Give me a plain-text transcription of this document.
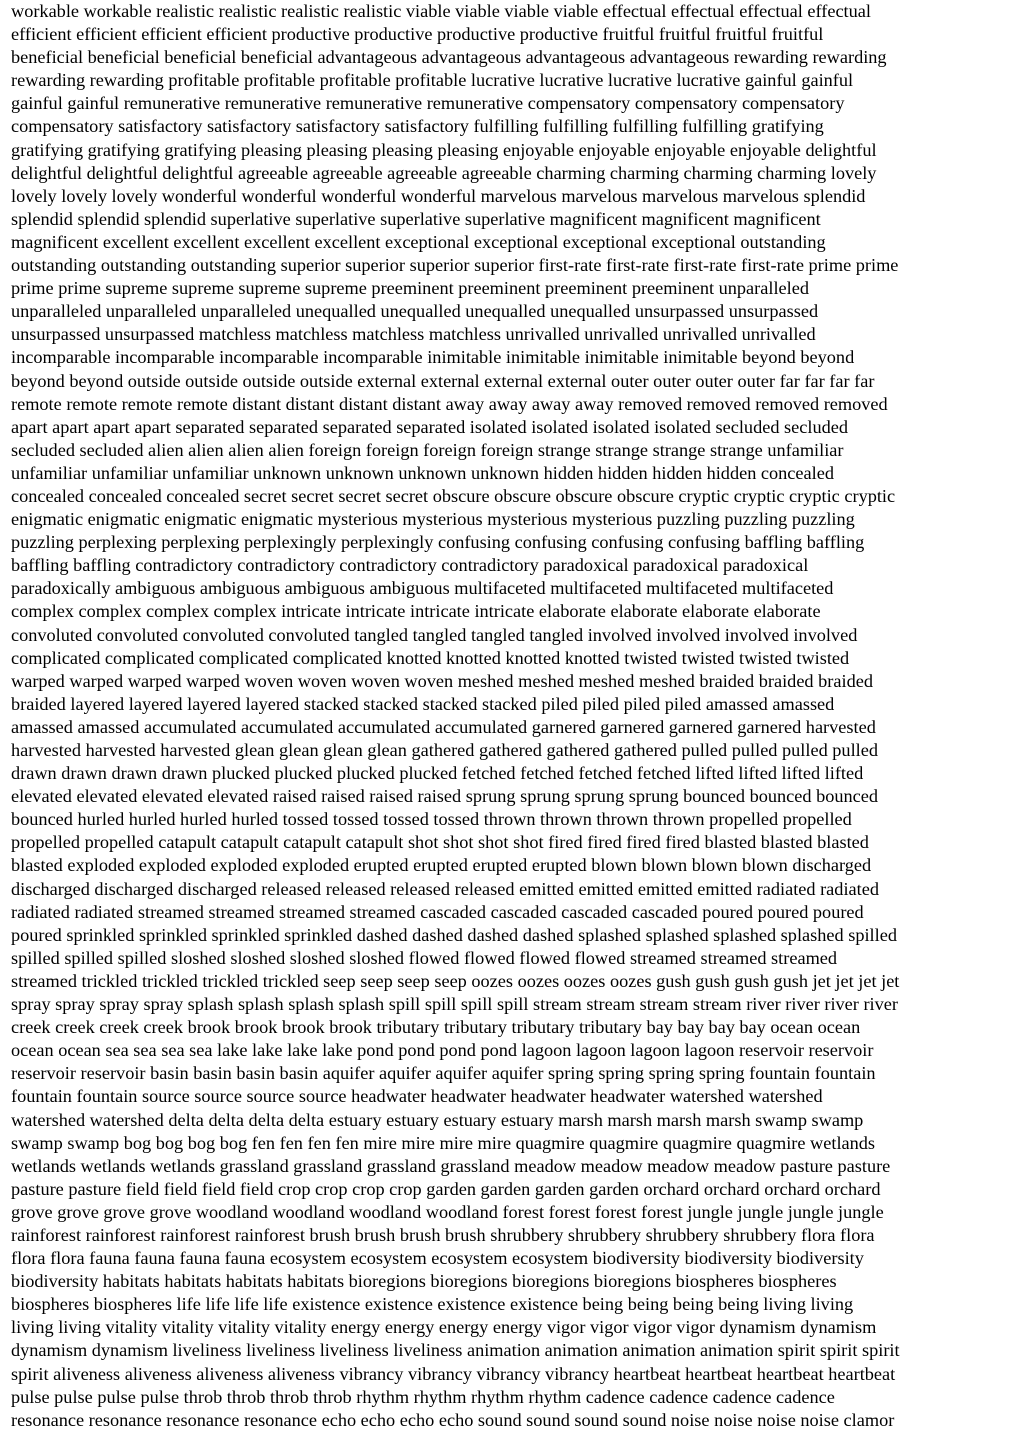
workable workable realistic realistic realistic realistic viable viable viable viable effectual effectual effectual effectual
efficient efficient efficient efficient productive productive productive productive fruitful fruitful fruitful fruitful
beneficial beneficial beneficial beneficial advantageous advantageous advantageous advantageous rewarding rewarding
rewarding rewarding profitable profitable profitable profitable lucrative lucrative lucrative lucrative gainful gainful
gainful gainful remunerative remunerative remunerative remunerative compensatory compensatory compensatory
compensatory satisfactory satisfactory satisfactory satisfactory fulfilling fulfilling fulfilling fulfilling gratifying
gratifying gratifying gratifying pleasing pleasing pleasing pleasing enjoyable enjoyable enjoyable enjoyable delightful
delightful delightful delightful agreeable agreeable agreeable agreeable charming charming charming charming lovely
lovely lovely lovely wonderful wonderful wonderful wonderful marvelous marvelous marvelous marvelous splendid
splendid splendid splendid superlative superlative superlative superlative magnificent magnificent magnificent
magnificent excellent excellent excellent excellent exceptional exceptional exceptional exceptional outstanding
outstanding outstanding outstanding superior superior superior superior first-rate first-rate first-rate first-rate prime prime
prime prime supreme supreme supreme supreme preeminent preeminent preeminent preeminent unparalleled
unparalleled unparalleled unparalleled unequalled unequalled unequalled unequalled unsurpassed unsurpassed
unsurpassed unsurpassed matchless matchless matchless matchless unrivalled unrivalled unrivalled unrivalled
incomparable incomparable incomparable incomparable inimitable inimitable inimitable inimitable beyond beyond
beyond beyond outside outside outside outside external external external external outer outer outer outer far far far far
remote remote remote remote distant distant distant distant away away away away removed removed removed removed
apart apart apart apart separated separated separated separated isolated isolated isolated isolated secluded secluded
secluded secluded alien alien alien alien foreign foreign foreign foreign strange strange strange strange unfamiliar
unfamiliar unfamiliar unfamiliar unknown unknown unknown unknown hidden hidden hidden hidden concealed
concealed concealed concealed secret secret secret secret obscure obscure obscure obscure cryptic cryptic cryptic cryptic
enigmatic enigmatic enigmatic enigmatic mysterious mysterious mysterious mysterious puzzling puzzling puzzling
puzzling perplexing perplexing perplexingly perplexingly confusing confusing confusing confusing baffling baffling
baffling baffling contradictory contradictory contradictory contradictory paradoxical paradoxical paradoxical
paradoxically ambiguous ambiguous ambiguous ambiguous multifaceted multifaceted multifaceted multifaceted
complex complex complex complex intricate intricate intricate intricate elaborate elaborate elaborate elaborate
convoluted convoluted convoluted convoluted tangled tangled tangled tangled involved involved involved involved
complicated complicated complicated complicated knotted knotted knotted knotted twisted twisted twisted twisted
warped warped warped warped woven woven woven woven meshed meshed meshed meshed braided braided braided
braided layered layered layered layered stacked stacked stacked stacked piled piled piled piled amassed amassed
amassed amassed accumulated accumulated accumulated accumulated garnered garnered garnered garnered harvested
harvested harvested harvested glean glean glean glean gathered gathered gathered gathered pulled pulled pulled pulled
drawn drawn drawn drawn plucked plucked plucked plucked fetched fetched fetched fetched lifted lifted lifted lifted
elevated elevated elevated elevated raised raised raised raised sprung sprung sprung sprung bounced bounced bounced
bounced hurled hurled hurled hurled tossed tossed tossed tossed thrown thrown thrown thrown propelled propelled
propelled propelled catapult catapult catapult catapult shot shot shot shot fired fired fired fired blasted blasted blasted
blasted exploded exploded exploded exploded erupted erupted erupted erupted blown blown blown blown discharged
discharged discharged discharged released released released released emitted emitted emitted emitted radiated radiated
radiated radiated streamed streamed streamed streamed cascaded cascaded cascaded cascaded poured poured poured
poured sprinkled sprinkled sprinkled sprinkled dashed dashed dashed dashed splashed splashed splashed splashed spilled
spilled spilled spilled sloshed sloshed sloshed sloshed flowed flowed flowed flowed streamed streamed streamed
streamed trickled trickled trickled trickled seep seep seep seep oozes oozes oozes oozes gush gush gush gush jet jet jet jet
spray spray spray spray splash splash splash splash spill spill spill spill stream stream stream stream river river river river
creek creek creek creek brook brook brook brook tributary tributary tributary tributary bay bay bay bay ocean ocean
ocean ocean sea sea sea sea lake lake lake lake pond pond pond pond lagoon lagoon lagoon lagoon reservoir reservoir
reservoir reservoir basin basin basin basin aquifer aquifer aquifer aquifer spring spring spring spring fountain fountain
fountain fountain source source source source headwater headwater headwater headwater watershed watershed
watershed watershed delta delta delta delta estuary estuary estuary estuary marsh marsh marsh marsh swamp swamp
swamp swamp bog bog bog bog fen fen fen fen mire mire mire mire quagmire quagmire quagmire quagmire wetlands
wetlands wetlands wetlands grassland grassland grassland grassland meadow meadow meadow meadow pasture pasture
pasture pasture field field field field crop crop crop crop garden garden garden garden orchard orchard orchard orchard
grove grove grove grove woodland woodland woodland woodland forest forest forest forest jungle jungle jungle jungle
rainforest rainforest rainforest rainforest brush brush brush brush shrubbery shrubbery shrubbery shrubbery flora flora
flora flora fauna fauna fauna fauna ecosystem ecosystem ecosystem ecosystem biodiversity biodiversity biodiversity
biodiversity habitats habitats habitats habitats bioregions bioregions bioregions bioregions biospheres biospheres
biospheres biospheres life life life life existence existence existence existence being being being being living living
living living vitality vitality vitality vitality energy energy energy energy vigor vigor vigor vigor dynamism dynamism
dynamism dynamism liveliness liveliness liveliness liveliness animation animation animation animation spirit spirit spirit
spirit aliveness aliveness aliveness aliveness vibrancy vibrancy vibrancy vibrancy heartbeat heartbeat heartbeat heartbeat
pulse pulse pulse pulse throb throb throb throb rhythm rhythm rhythm rhythm cadence cadence cadence cadence
resonance resonance resonance resonance echo echo echo echo sound sound sound sound noise noise noise noise clamor
